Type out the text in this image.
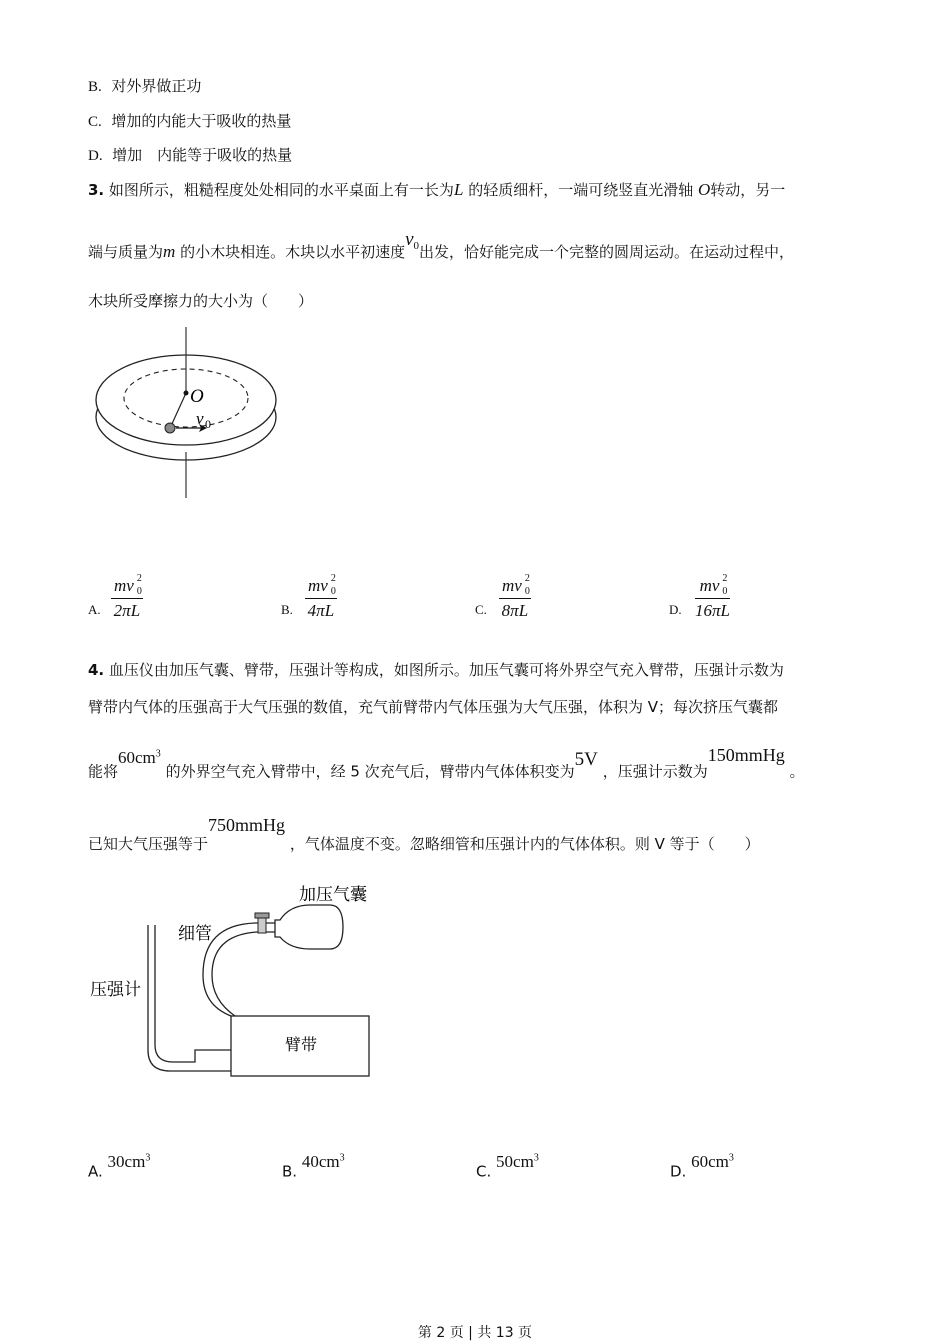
B. 对外界做正功
C. 增加的内能大于吸收的热量
D. 增加　内能等于吸收的热量
3. 如图所示，粗糙程度处处相同的水平桌面上有一长为L 的轻质细杆，一端可绕竖直光滑轴 O转动，另一
端与质量为m 的小木块相连。木块以水平初速度$v_0$出发，恰好能完成一个完整的圆周运动。在运动过程中，
木块所受摩擦力的大小为（　　）
O
v 0
A. mv 2
0
2πL	B. mv 2
0
4πL	C. mv 2
0
8πL	D. mv 2
0
16πL
4. 血压仪由加压气囊、臂带，压强计等构成，如图所示。加压气囊可将外界空气充入臂带，压强计示数为
臂带内气体的压强高于大气压强的数值，充气前臂带内气体压强为大气压强，体积为 V；每次挤压气囊都
能将$60cm^3$ 的外界空气充入臂带中，经 5 次充气后，臂带内气体体积变为5V ，压强计示数为150mmHg 。
已知大气压强等于750mmHg ，气体温度不变。忽略细管和压强计内的气体体积。则 V 等于（　　）
加压气囊
细管
压强计
臂带
A. $30cm^3$
B. $40cm^3$
C. $50cm^3$
D. $60cm^3$
第 2 页 | 共 13 页
